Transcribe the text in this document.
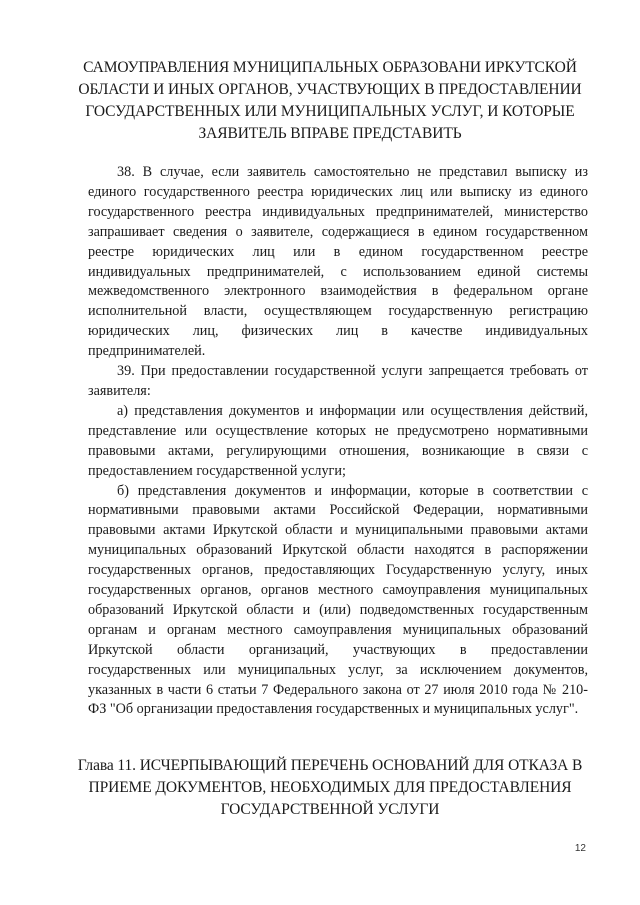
САМОУПРАВЛЕНИЯ МУНИЦИПАЛЬНЫХ ОБРАЗОВАНИ ИРКУТСКОЙ ОБЛАСТИ И ИНЫХ ОРГАНОВ, УЧАСТВУЮЩИХ В ПРЕДОСТАВЛЕНИИ ГОСУДАРСТВЕННЫХ ИЛИ МУНИЦИПАЛЬНЫХ УСЛУГ, И КОТОРЫЕ ЗАЯВИТЕЛЬ ВПРАВЕ ПРЕДСТАВИТЬ

38. В случае, если заявитель самостоятельно не представил выписку из единого государственного реестра юридических лиц или выписку из единого государственного реестра индивидуальных предпринимателей, министерство запрашивает сведения о заявителе, содержащиеся в едином государственном реестре юридических лиц или в едином государственном реестре индивидуальных предпринимателей, с использованием единой системы межведомственного электронного взаимодействия в федеральном органе исполнительной власти, осуществляющем государственную регистрацию юридических лиц, физических лиц в качестве индивидуальных предпринимателей.

39. При предоставлении государственной услуги запрещается требовать от заявителя:

а) представления документов и информации или осуществления действий, представление или осуществление которых не предусмотрено нормативными правовыми актами, регулирующими отношения, возникающие в связи с предоставлением государственной услуги;

б) представления документов и информации, которые в соответствии с нормативными правовыми актами Российской Федерации, нормативными правовыми актами Иркутской области и муниципальными правовыми актами муниципальных образований Иркутской области находятся в распоряжении государственных органов, предоставляющих Государственную услугу, иных государственных органов, органов местного самоуправления муниципальных образований Иркутской области и (или) подведомственных государственным органам и органам местного самоуправления муниципальных образований Иркутской области организаций, участвующих в предоставлении государственных или муниципальных услуг, за исключением документов, указанных в части 6 статьи 7 Федерального закона от 27 июля 2010 года № 210-ФЗ "Об организации предоставления государственных и муниципальных услуг".

Глава 11. ИСЧЕРПЫВАЮЩИЙ ПЕРЕЧЕНЬ ОСНОВАНИЙ ДЛЯ ОТКАЗА В ПРИЕМЕ ДОКУМЕНТОВ, НЕОБХОДИМЫХ ДЛЯ ПРЕДОСТАВЛЕНИЯ ГОСУДАРСТВЕННОЙ УСЛУГИ
12
